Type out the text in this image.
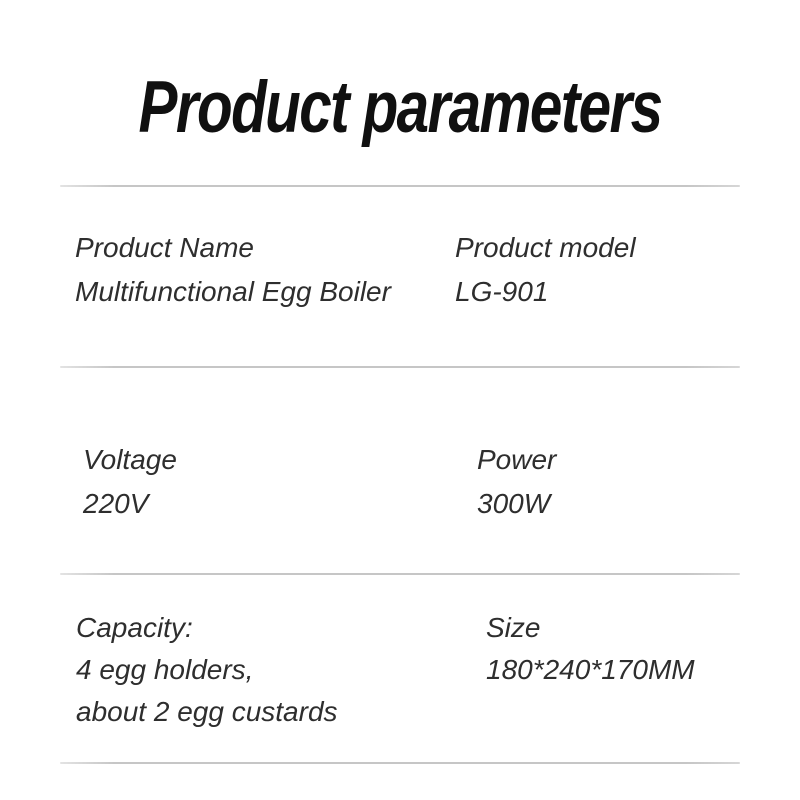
Product parameters
Product Name
Multifunctional Egg Boiler
Product model
LG-901
Voltage
220V
Power
300W
Capacity:
4 egg holders,
about 2 egg custards
Size
180*240*170MM
